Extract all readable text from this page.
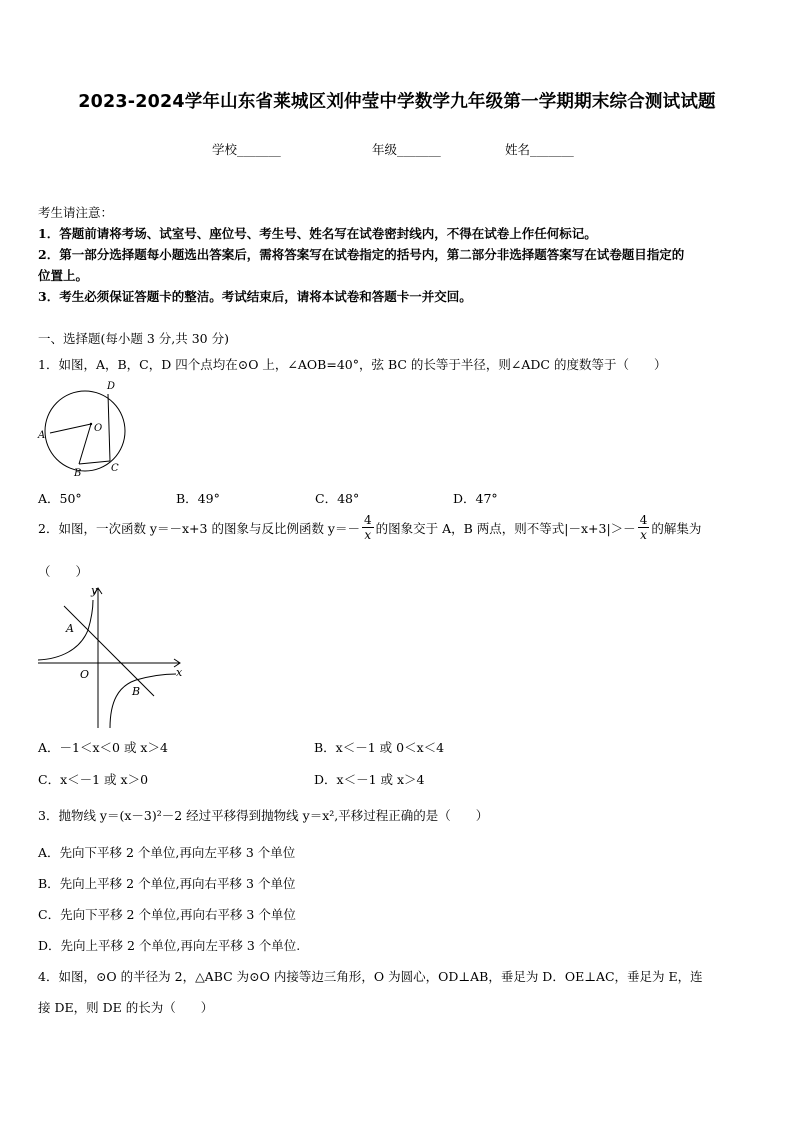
2023-2024学年山东省莱城区刘仲莹中学数学九年级第一学期期末综合测试试题
学校_______	年级_______	姓名_______
考生请注意：
1．答题前请将考场、试室号、座位号、考生号、姓名写在试卷密封线内，不得在试卷上作任何标记。
2．第一部分选择题每小题选出答案后，需将答案写在试卷指定的括号内，第二部分非选择题答案写在试卷题目指定的
位置上。
3．考生必须保证答题卡的整洁。考试结束后，请将本试卷和答题卡一并交回。
一、选择题(每小题 3 分,共 30 分)
1．如图，A，B，C，D 四个点均在⊙O 上，∠AOB=40°，弦 BC 的长等于半径，则∠ADC 的度数等于（　　）
A
B	C
D
O
A．50°	B．49°	C．48°	D．47°
2．如图，一次函数 y＝－x+3 的图象与反比例函数 $y=- \frac{4}{x}$ 的图象交于 A，B 两点，则不等式$|-x+3|>- \frac{4}{x}$ 的解集为
（　　）
y
x
A
B
O
A．－1＜x＜0 或 x＞4	B．x＜－1 或 0＜x＜4
C．x＜－1 或 x＞0	D．x＜－1 或 x＞4
3．抛物线 y＝(x－3)²－2 经过平移得到抛物线 y＝x²,平移过程正确的是（　　）
A．先向下平移 2 个单位,再向左平移 3 个单位
B．先向上平移 2 个单位,再向右平移 3 个单位
C．先向下平移 2 个单位,再向右平移 3 个单位
D．先向上平移 2 个单位,再向左平移 3 个单位.
4．如图，⊙O 的半径为 2，△ABC 为⊙O 内接等边三角形，O 为圆心，OD⊥AB，垂足为 D．OE⊥AC，垂足为 E，连
接 DE，则 DE 的长为（　　）
